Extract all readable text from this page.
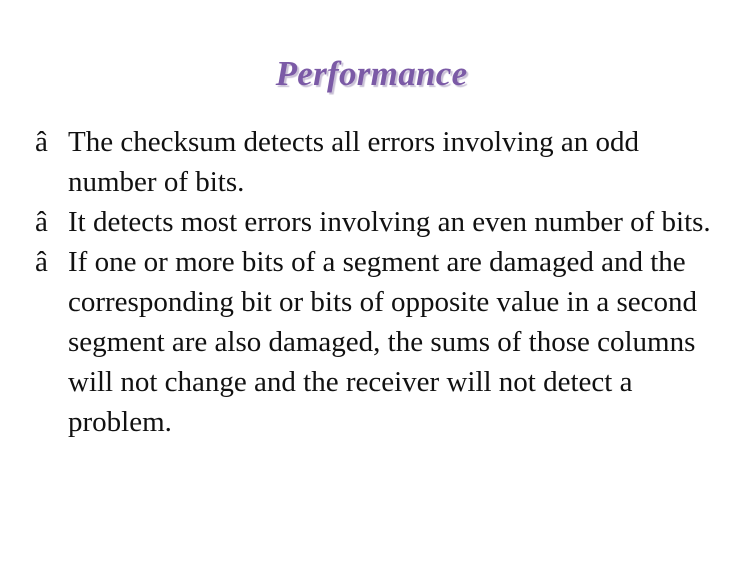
Performance
â The checksum detects all errors involving an odd number of bits.
â It detects most errors involving an even number of bits.
â If one or more bits of a segment are damaged and the corresponding bit or bits of opposite value in a second segment are also damaged, the sums of those columns will not change and the receiver will not detect a problem.
